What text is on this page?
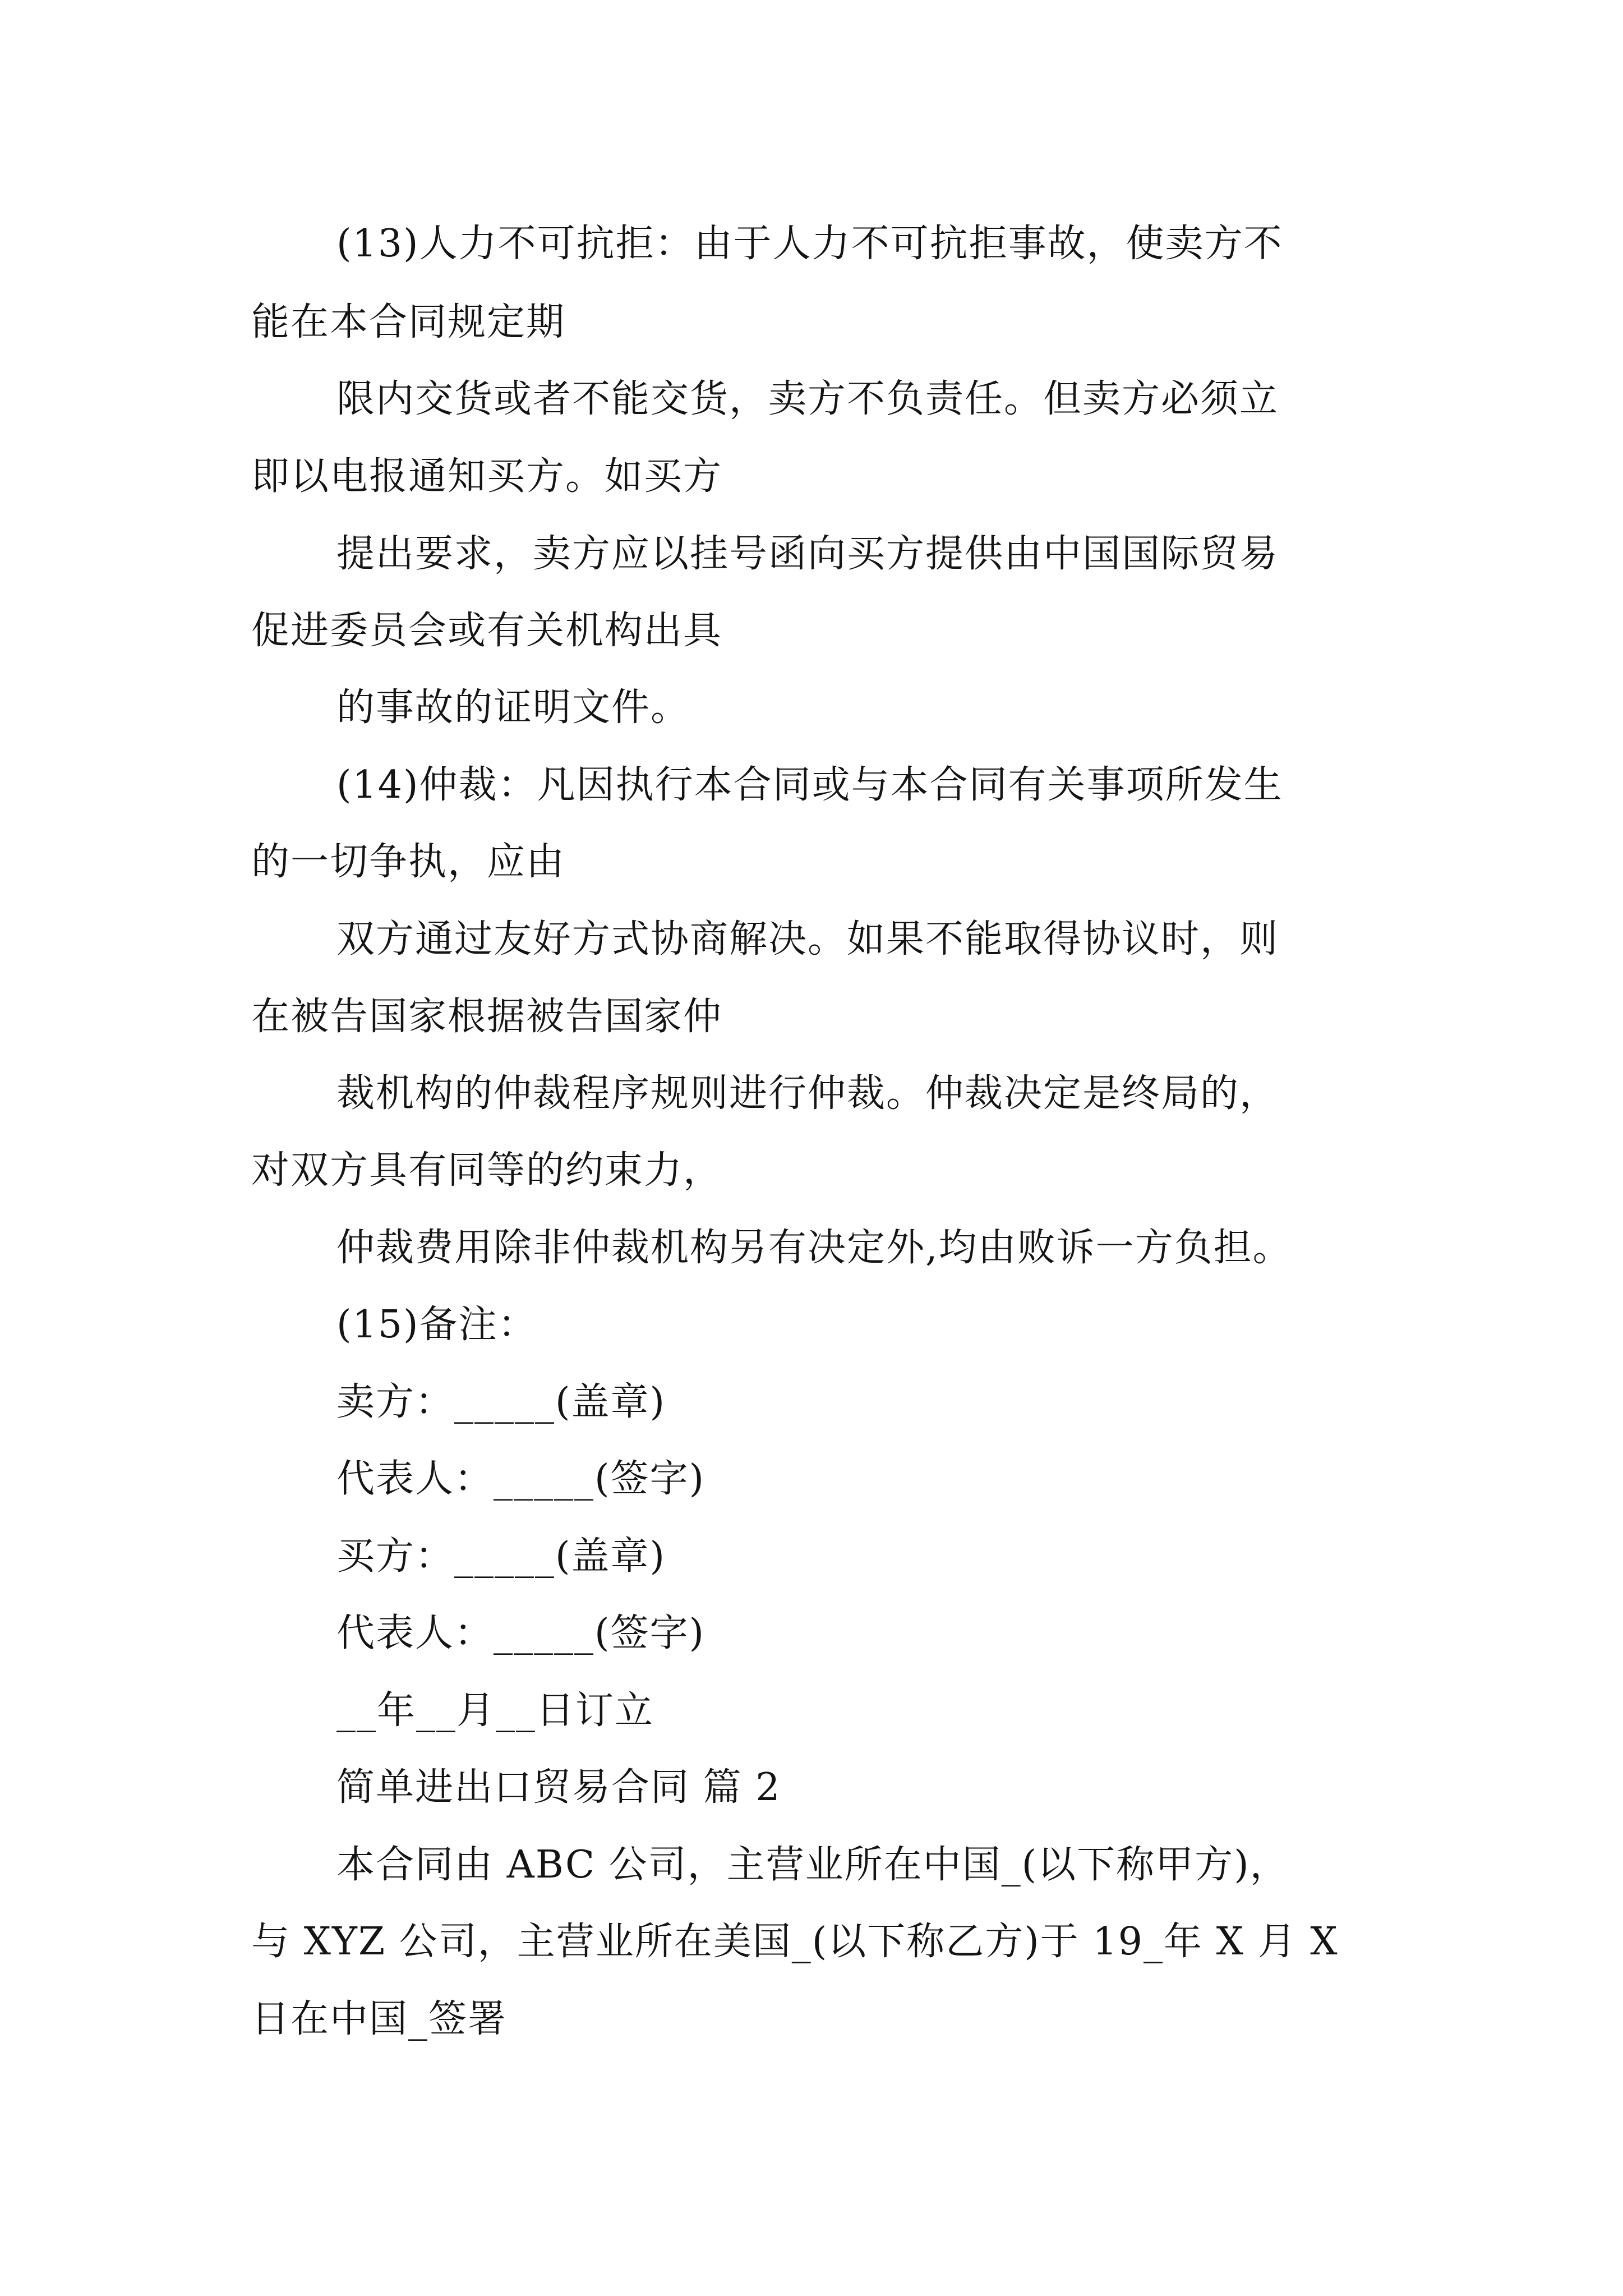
(13)人力不可抗拒：由于人力不可抗拒事故，使卖方不
能在本合同规定期
限内交货或者不能交货，卖方不负责任。但卖方必须立
即以电报通知买方。如买方
提出要求，卖方应以挂号函向买方提供由中国国际贸易
促进委员会或有关机构出具
的事故的证明文件。
(14)仲裁：凡因执行本合同或与本合同有关事项所发生
的一切争执，应由
双方通过友好方式协商解决。如果不能取得协议时，则
在被告国家根据被告国家仲
裁机构的仲裁程序规则进行仲裁。仲裁决定是终局的，
对双方具有同等的约束力，
仲裁费用除非仲裁机构另有决定外,均由败诉一方负担。
(15)备注：
卖方：_____(盖章)
代表人：_____(签字)
买方：_____(盖章)
代表人：_____(签字)
__年__月__日订立
简单进出口贸易合同 篇 2
本合同由 ABC 公司，主营业所在中国_(以下称甲方)，
与 XYZ 公司，主营业所在美国_(以下称乙方)于 19_年 X 月 X
日在中国_签署
